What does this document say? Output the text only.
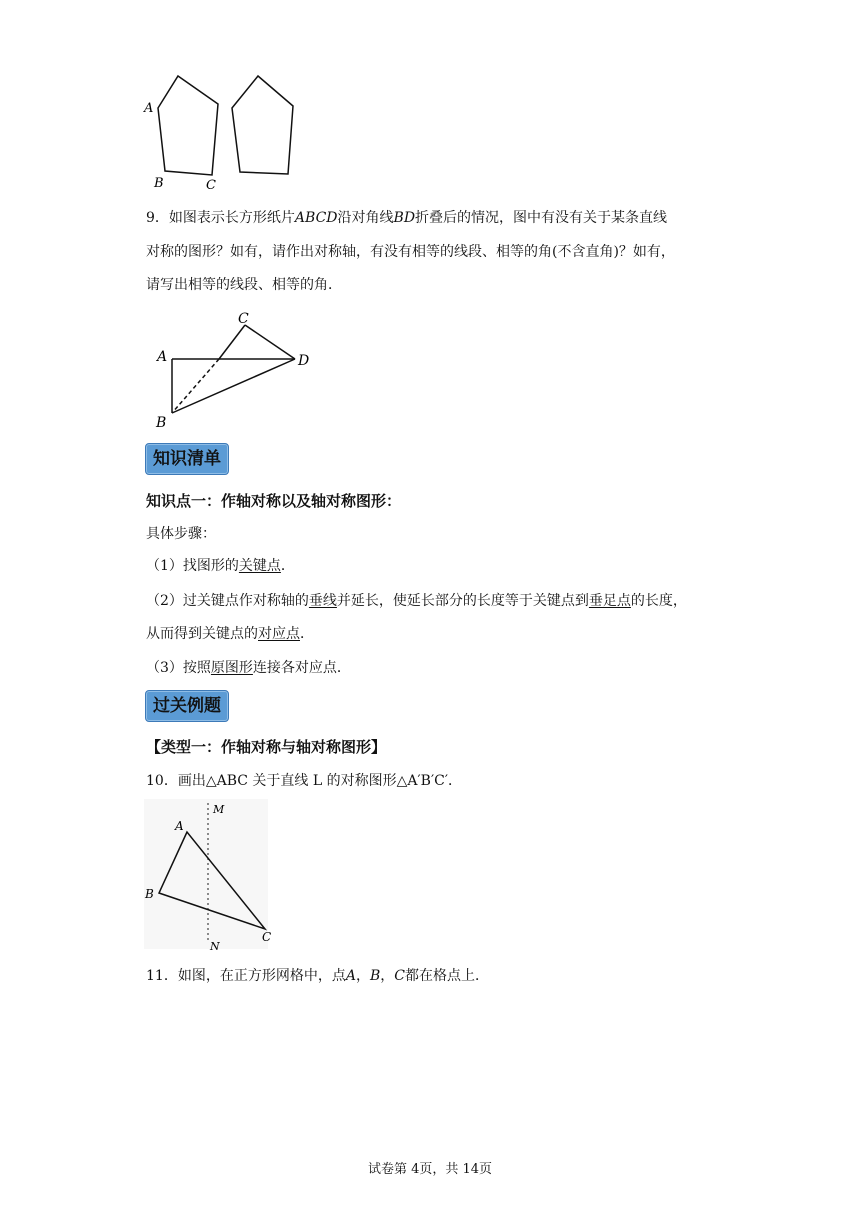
A
B	C
9．如图表示长方形纸片ABCD沿对角线BD折叠后的情况，图中有没有关于某条直线
对称的图形？如有，请作出对称轴，有没有相等的线段、相等的角(不含直角)？如有，
请写出相等的线段、相等的角．
C
A	D
B
知识清单
知识点一：作轴对称以及轴对称图形：
具体步骤：
（1）找图形的关键点．
（2）过关键点作对称轴的垂线并延长，使延长部分的长度等于关键点到垂足点的长度，
从而得到关键点的对应点．
（3）按照原图形连接各对应点．
过关例题
【类型一：作轴对称与轴对称图形】
10．画出△ABC 关于直线 L 的对称图形△A′B′C′．
M
A
B
C
N
11．如图，在正方形网格中，点A，B，C都在格点上．
试卷第 4页，共 14页
